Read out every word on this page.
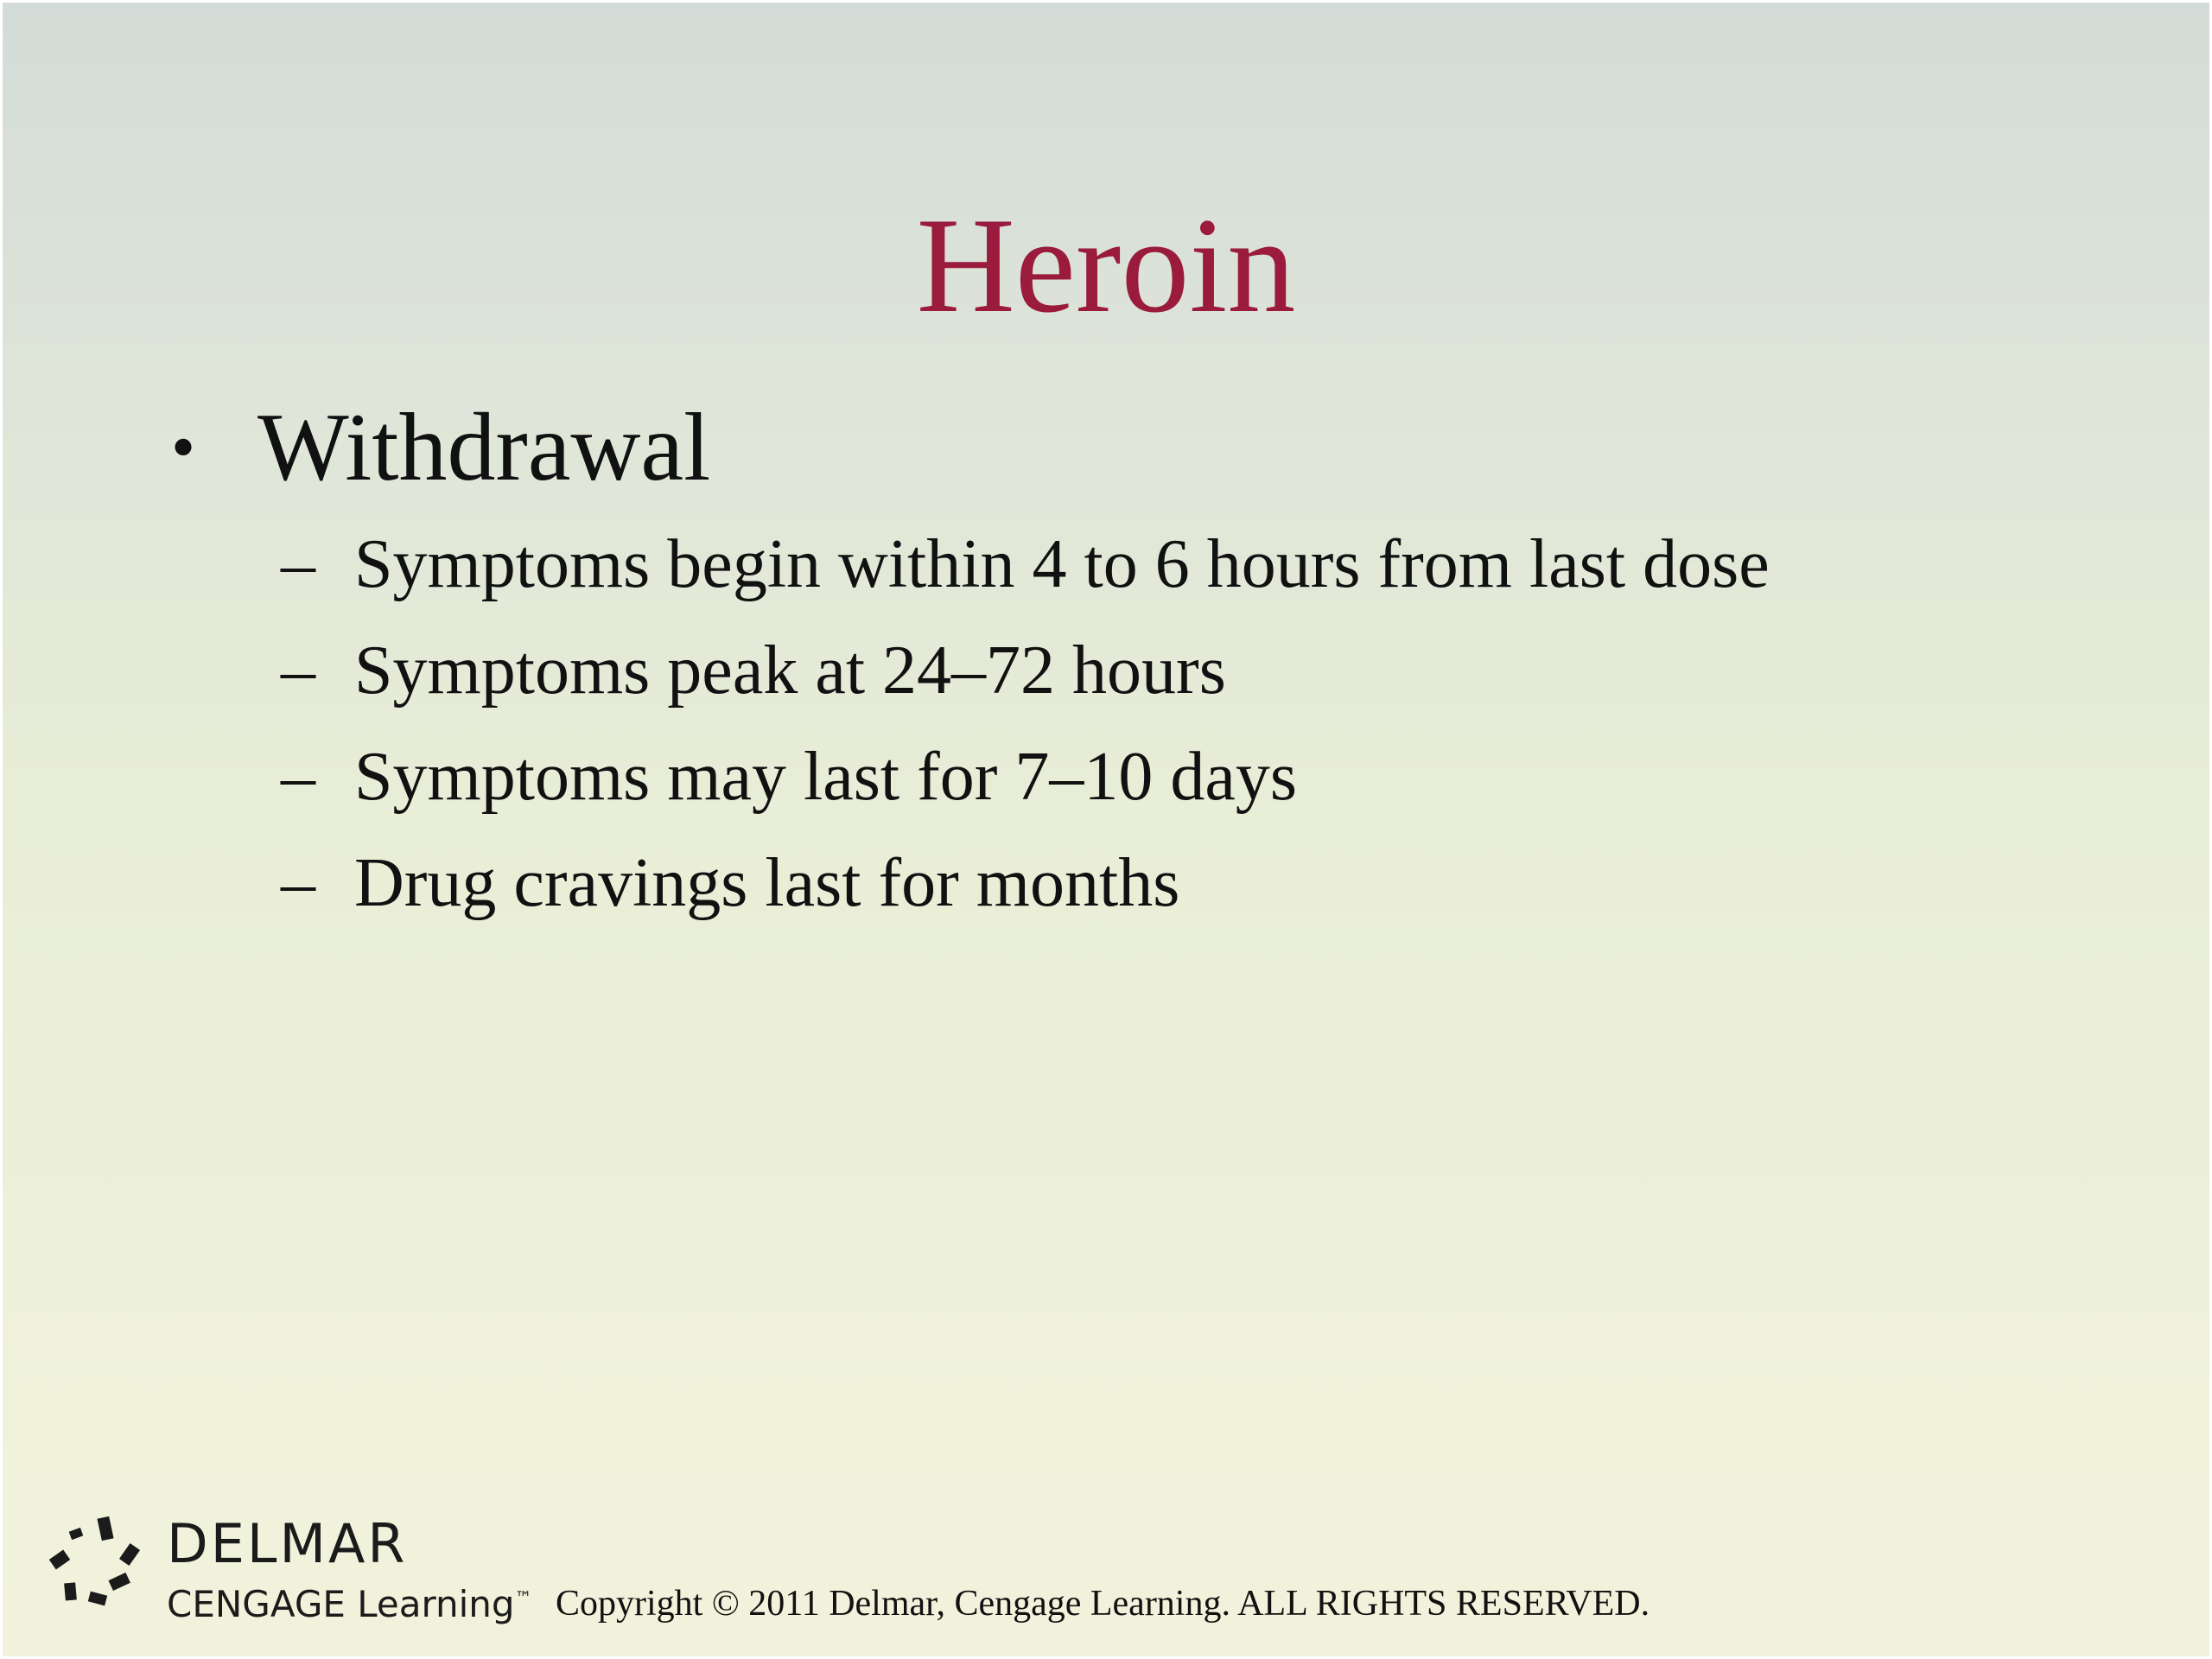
Heroin
• Withdrawal
– Symptoms begin within 4 to 6 hours from last dose
– Symptoms peak at 24–72 hours
– Symptoms may last for 7–10 days
– Drug cravings last for months
DELMAR
CENGAGE Learning™ Copyright © 2011 Delmar, Cengage Learning. ALL RIGHTS RESERVED.
